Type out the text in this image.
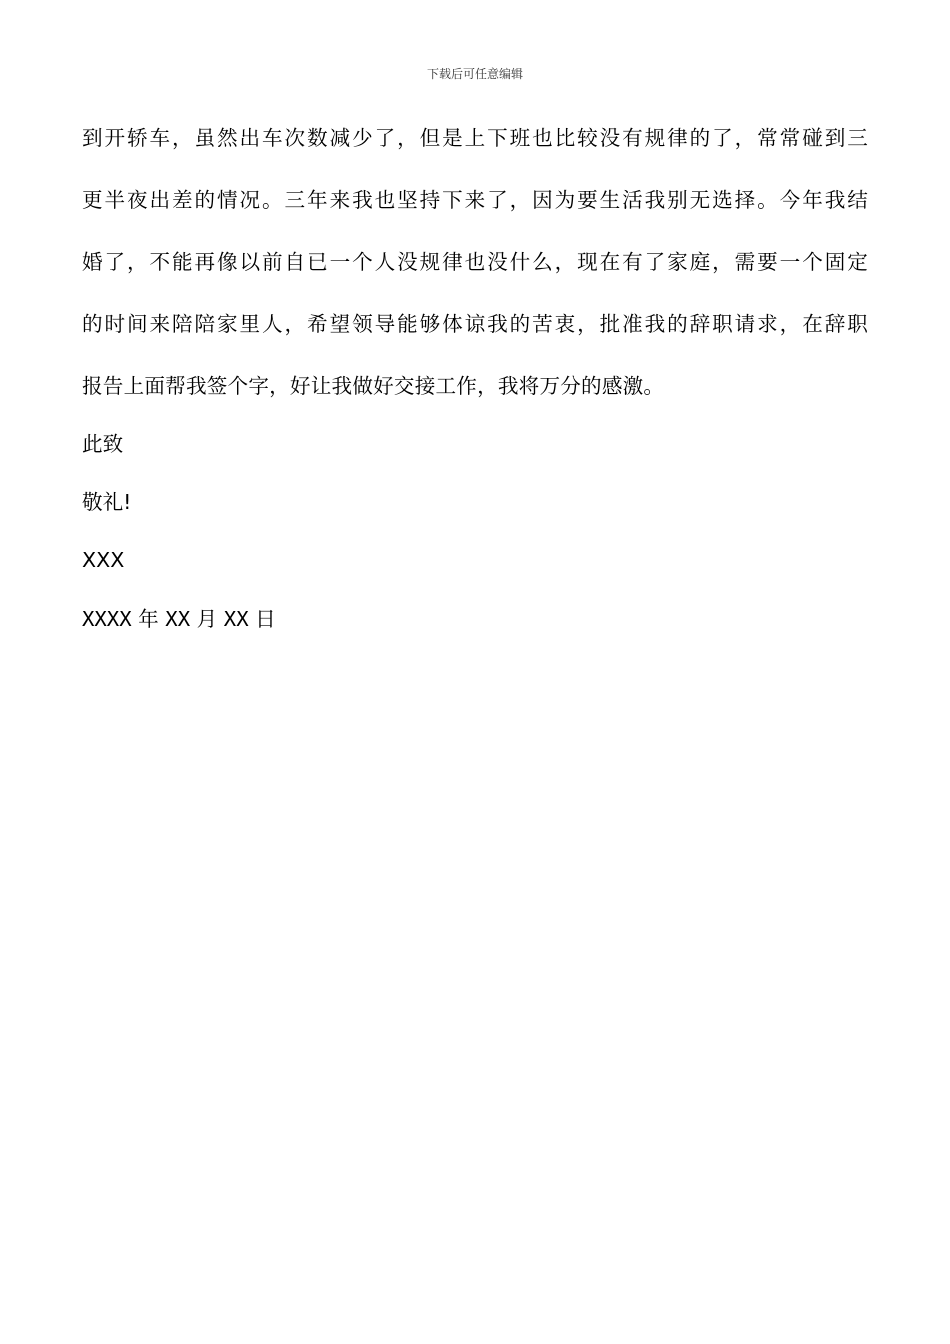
下载后可任意编辑
到开轿车，虽然出车次数减少了，但是上下班也比较没有规律的了，常常碰到三
更半夜出差的情况。三年来我也坚持下来了，因为要生活我别无选择。今年我结
婚了，不能再像以前自已一个人没规律也没什么，现在有了家庭，需要一个固定
的时间来陪陪家里人，希望领导能够体谅我的苦衷，批准我的辞职请求，在辞职
报告上面帮我签个字，好让我做好交接工作，我将万分的感激。
此致
敬礼!
XXX
XXXX 年 XX 月 XX 日
